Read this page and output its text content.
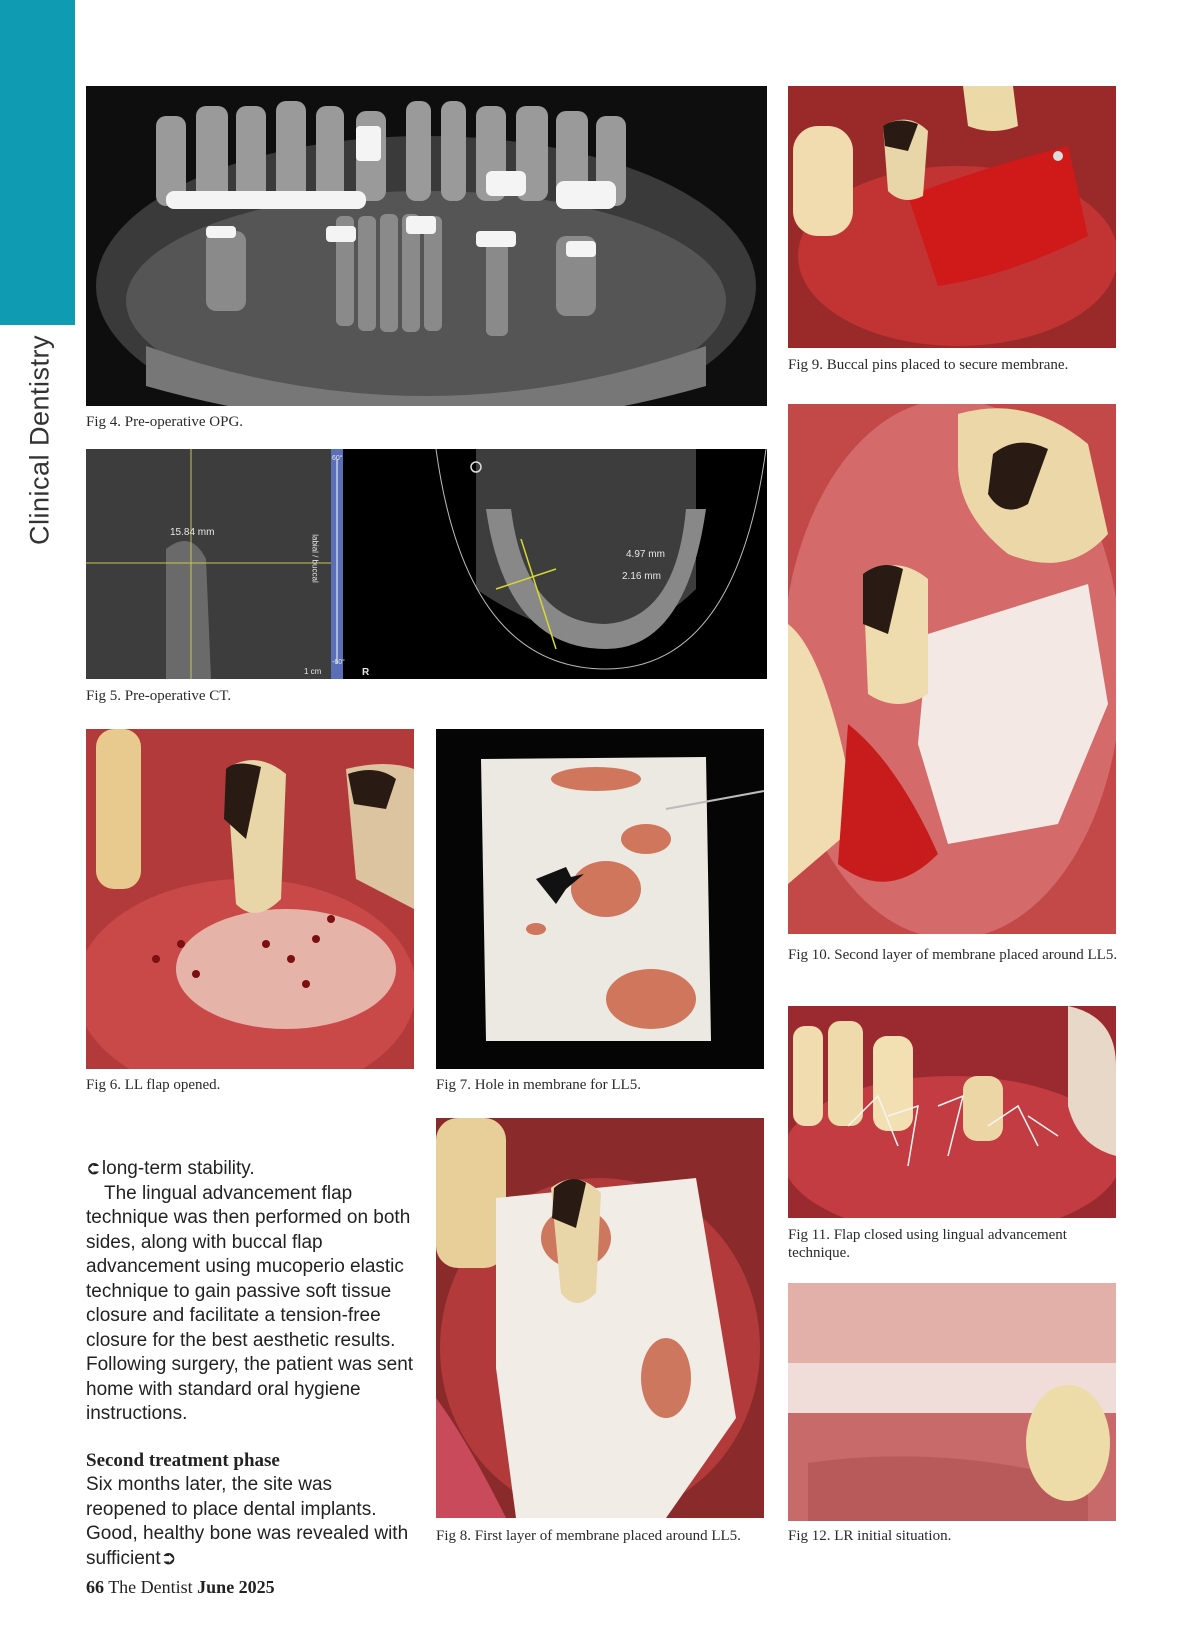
Clinical Dentistry Fig 4. Pre-operative OPG.
15.84 mm
4.97 mm
2.16 mm
60°
-60°
labial / buccal
1 cm	R
Fig 5. Pre-operative CT.
Fig 6. LL flap opened.	Fig 7. Hole in membrane for LL5.
Fig 8. First layer of membrane placed around LL5.
Fig 9. Buccal pins placed to secure membrane.
Fig 10. Second layer of membrane placed around LL5.
Fig 11. Flap closed using lingual advancement technique.
Fig 12. LR initial situation.

➲long-term stability.

The lingual advancement flap technique was then performed on both sides, along with buccal flap advancement using mucoperio elastic technique to gain passive soft tissue closure and facilitate a tension-free closure for the best aesthetic results. Following surgery, the patient was sent home with standard oral hygiene instructions.

Second treatment phase

Six months later, the site was reopened to place dental implants. Good, healthy bone was revealed with sufficient➲

66 The Dentist June 2025
